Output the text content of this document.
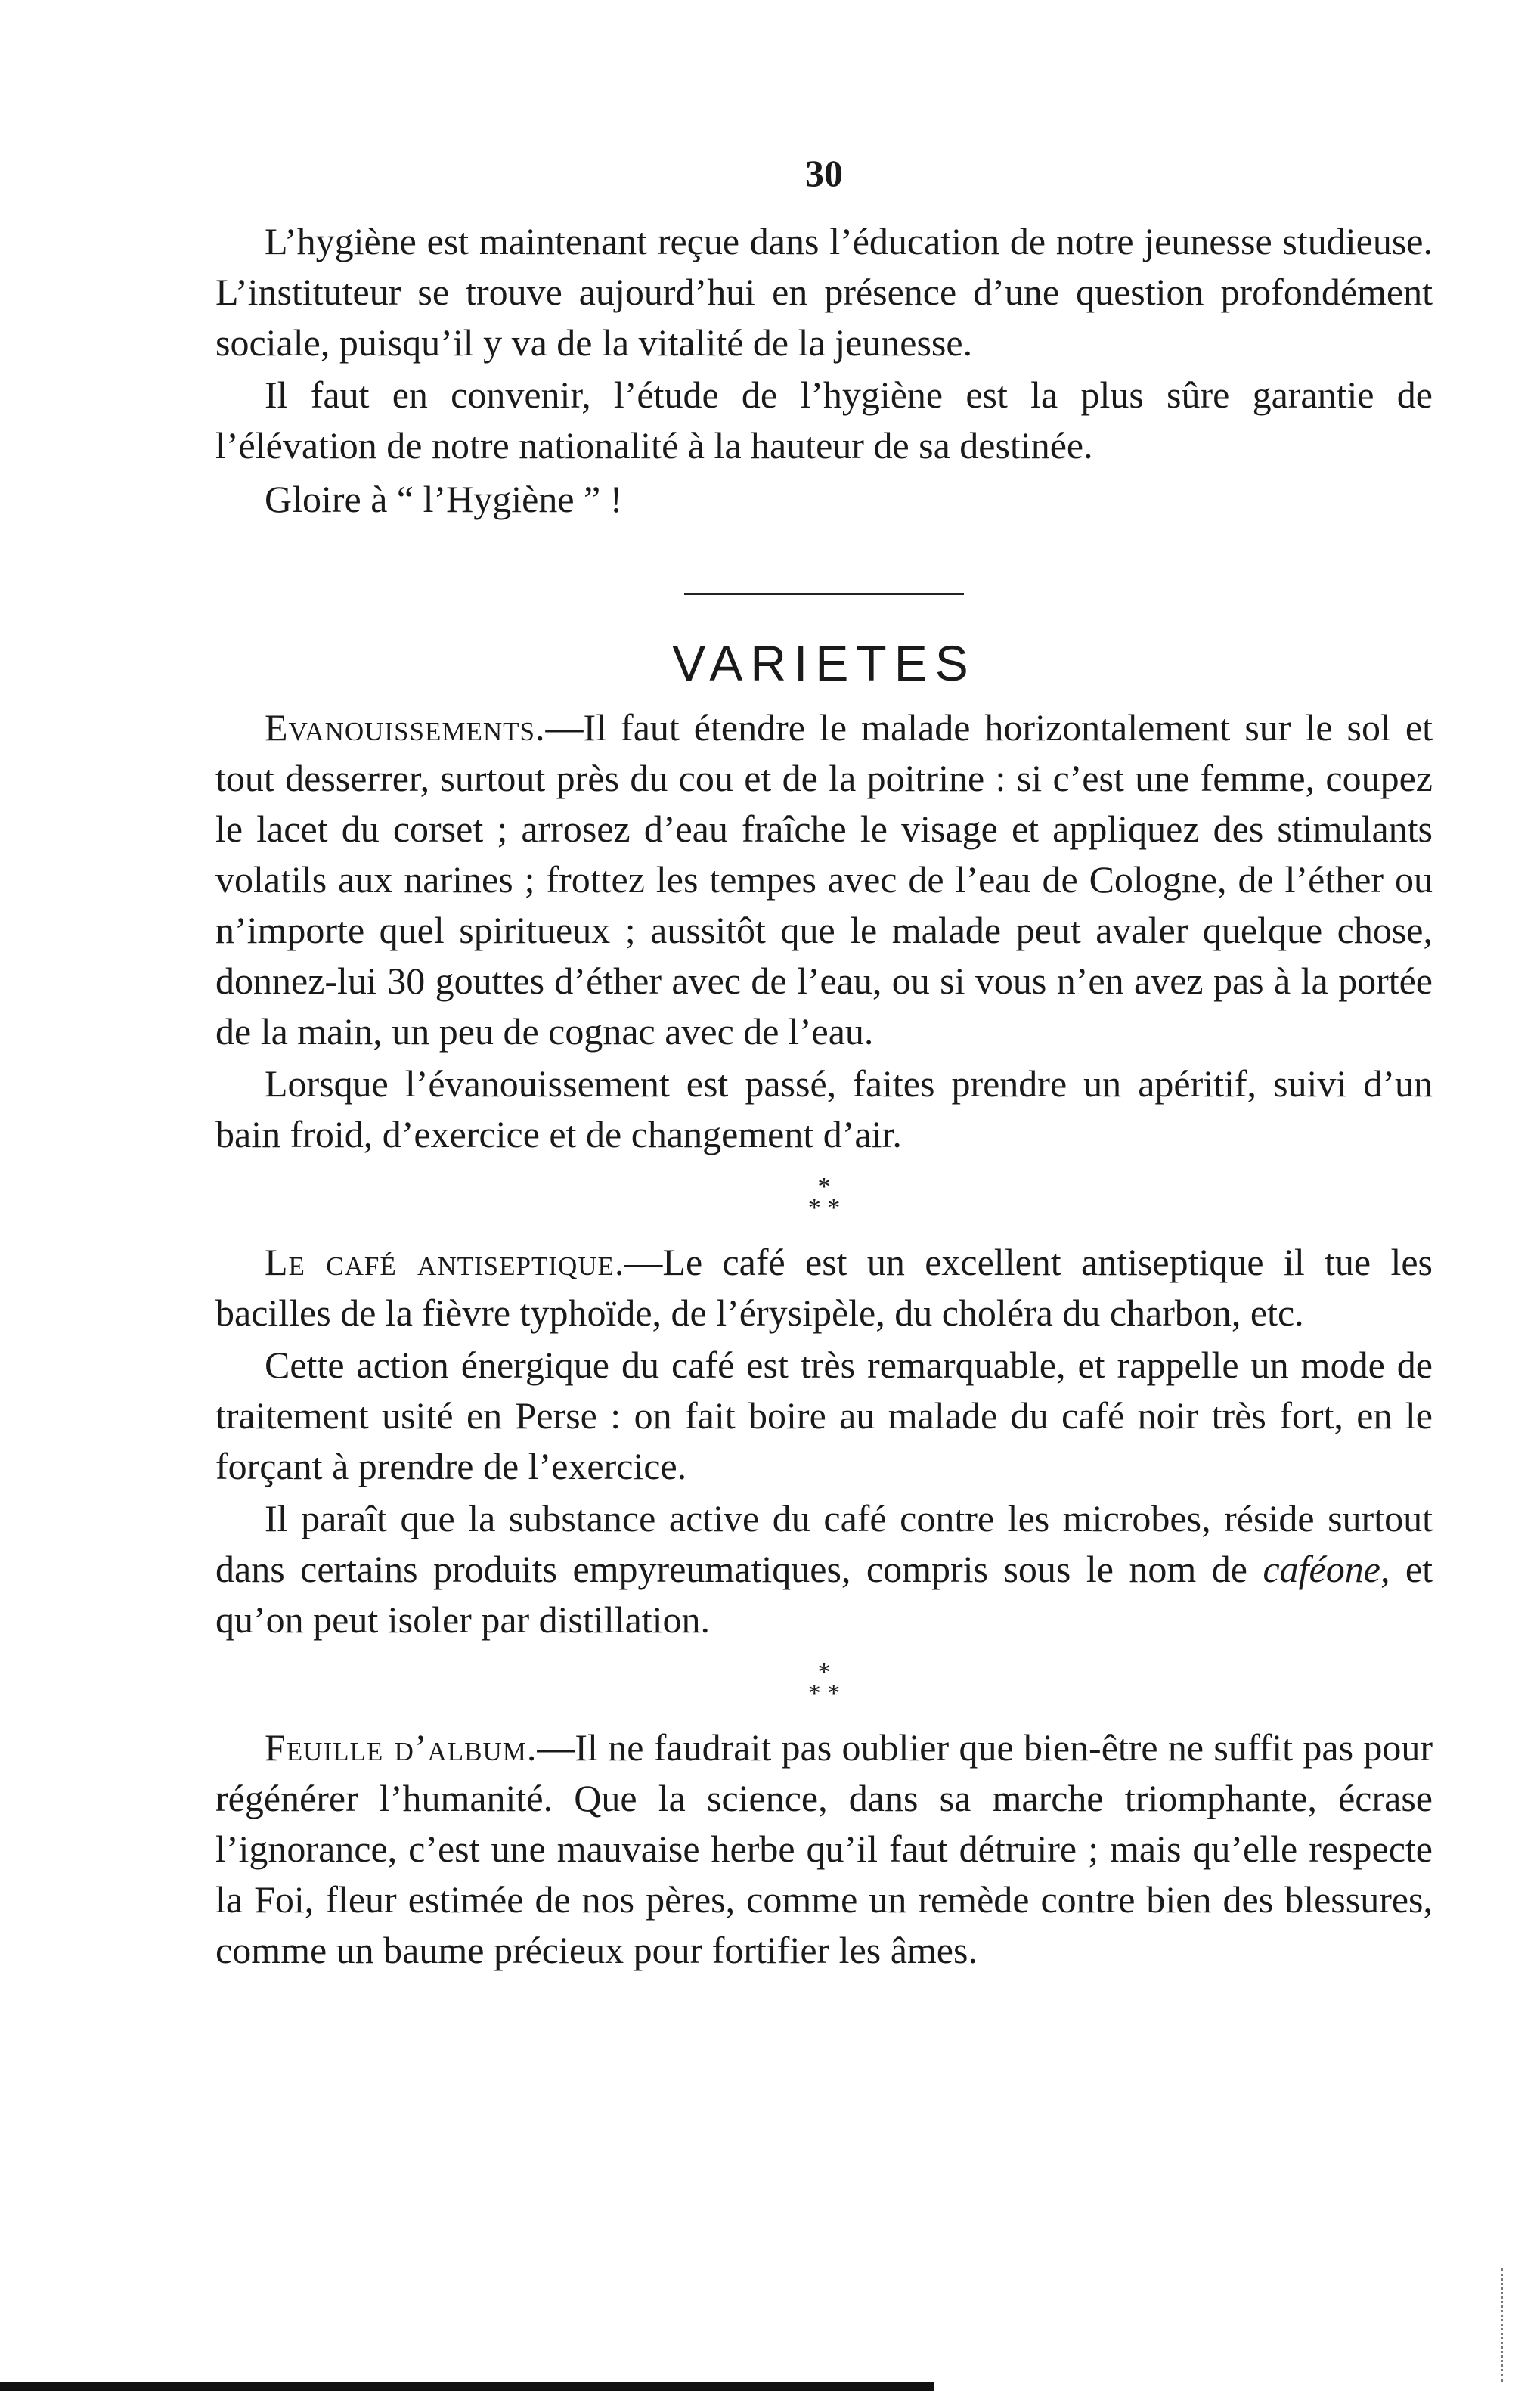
30

L’hygiène est maintenant reçue dans l’éducation de notre jeunesse studieuse. L’instituteur se trouve aujourd’hui en présence d’une question profondément sociale, puisqu’il y va de la vitalité de la jeunesse.

Il faut en convenir, l’étude de l’hygiène est la plus sûre garantie de l’élévation de notre nationalité à la hauteur de sa destinée.

Gloire à “ l’Hygiène ” !

VARIETES

Evanouissements.—Il faut étendre le malade horizontalement sur le sol et tout desserrer, surtout près du cou et de la poitrine : si c’est une femme, coupez le lacet du corset ; arrosez d’eau fraîche le visage et appliquez des stimulants volatils aux narines ; frottez les tempes avec de l’eau de Cologne, de l’éther ou n’importe quel spiritueux ; aussitôt que le malade peut avaler quelque chose, donnez-lui 30 gouttes d’éther avec de l’eau, ou si vous n’en avez pas à la portée de la main, un peu de cognac avec de l’eau.

Lorsque l’évanouissement est passé, faites prendre un apéritif, suivi d’un bain froid, d’exercice et de changement d’air.

*
* *

Le café antiseptique.—Le café est un excellent antiseptique il tue les bacilles de la fièvre typhoïde, de l’érysipèle, du choléra du charbon, etc.

Cette action énergique du café est très remarquable, et rappelle un mode de traitement usité en Perse : on fait boire au malade du café noir très fort, en le forçant à prendre de l’exercice.

Il paraît que la substance active du café contre les microbes, réside surtout dans certains produits empyreumatiques, compris sous le nom de caféone, et qu’on peut isoler par distillation.

*
* *

Feuille d’album.—Il ne faudrait pas oublier que bien-être ne suffit pas pour régénérer l’humanité. Que la science, dans sa marche triomphante, écrase l’ignorance, c’est une mauvaise herbe qu’il faut détruire ; mais qu’elle respecte la Foi, fleur estimée de nos pères, comme un remède contre bien des blessures, comme un baume précieux pour fortifier les âmes.
